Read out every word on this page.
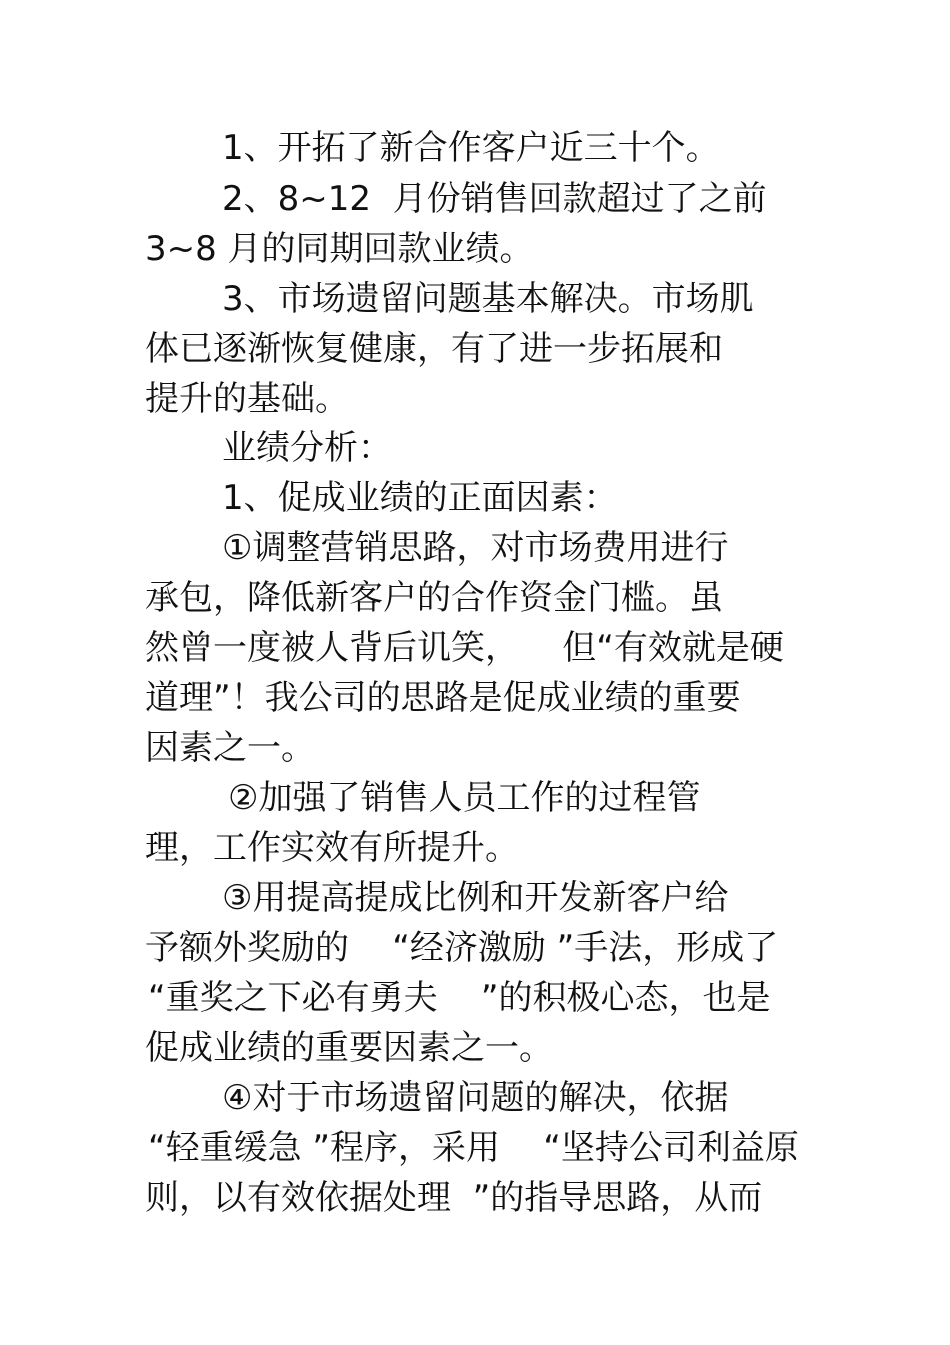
1、开拓了新合作客户近三十个。
2、8~12  月份销售回款超过了之前
3~8 月的同期回款业绩。
3、市场遗留问题基本解决。市场肌
体已逐渐恢复健康，有了进一步拓展和
提升的基础。
业绩分析：
1、促成业绩的正面因素：
①调整营销思路，对市场费用进行
承包，降低新客户的合作资金门槛。虽
然曾一度被人背后讥笑，    但“有效就是硬
道理”！我公司的思路是促成业绩的重要
因素之一。
②加强了销售人员工作的过程管
理，工作实效有所提升。
③用提高提成比例和开发新客户给
予额外奖励的    “经济激励 ”手法，形成了
“重奖之下必有勇夫    ”的积极心态，也是
促成业绩的重要因素之一。
④对于市场遗留问题的解决，依据
“轻重缓急 ”程序，采用    “坚持公司利益原
则，以有效依据处理  ”的指导思路，从而
